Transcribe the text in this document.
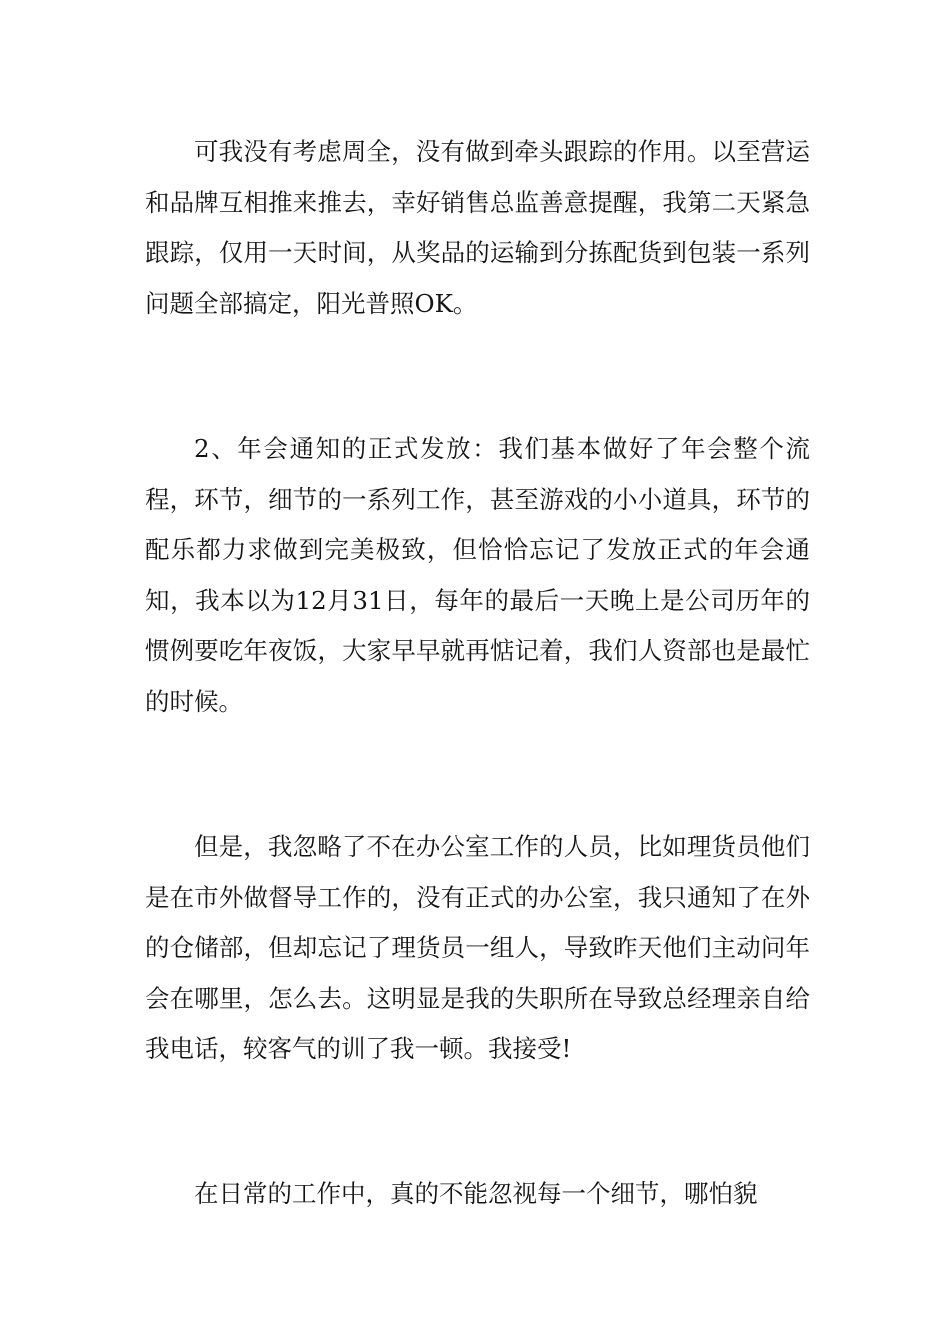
可我没有考虑周全，没有做到牵头跟踪的作用。以至营运和品牌互相推来推去，幸好销售总监善意提醒，我第二天紧急跟踪，仅用一天时间，从奖品的运输到分拣配货到包装一系列问题全部搞定，阳光普照OK。

2、年会通知的正式发放：我们基本做好了年会整个流程，环节，细节的一系列工作，甚至游戏的小小道具，环节的配乐都力求做到完美极致，但恰恰忘记了发放正式的年会通知，我本以为12月31日，每年的最后一天晚上是公司历年的惯例要吃年夜饭，大家早早就再惦记着，我们人资部也是最忙的时候。

但是，我忽略了不在办公室工作的人员，比如理货员他们是在市外做督导工作的，没有正式的办公室，我只通知了在外的仓储部，但却忘记了理货员一组人，导致昨天他们主动问年会在哪里，怎么去。这明显是我的失职所在导致总经理亲自给我电话，较客气的训了我一顿。我接受!

在日常的工作中，真的不能忽视每一个细节，哪怕貌
